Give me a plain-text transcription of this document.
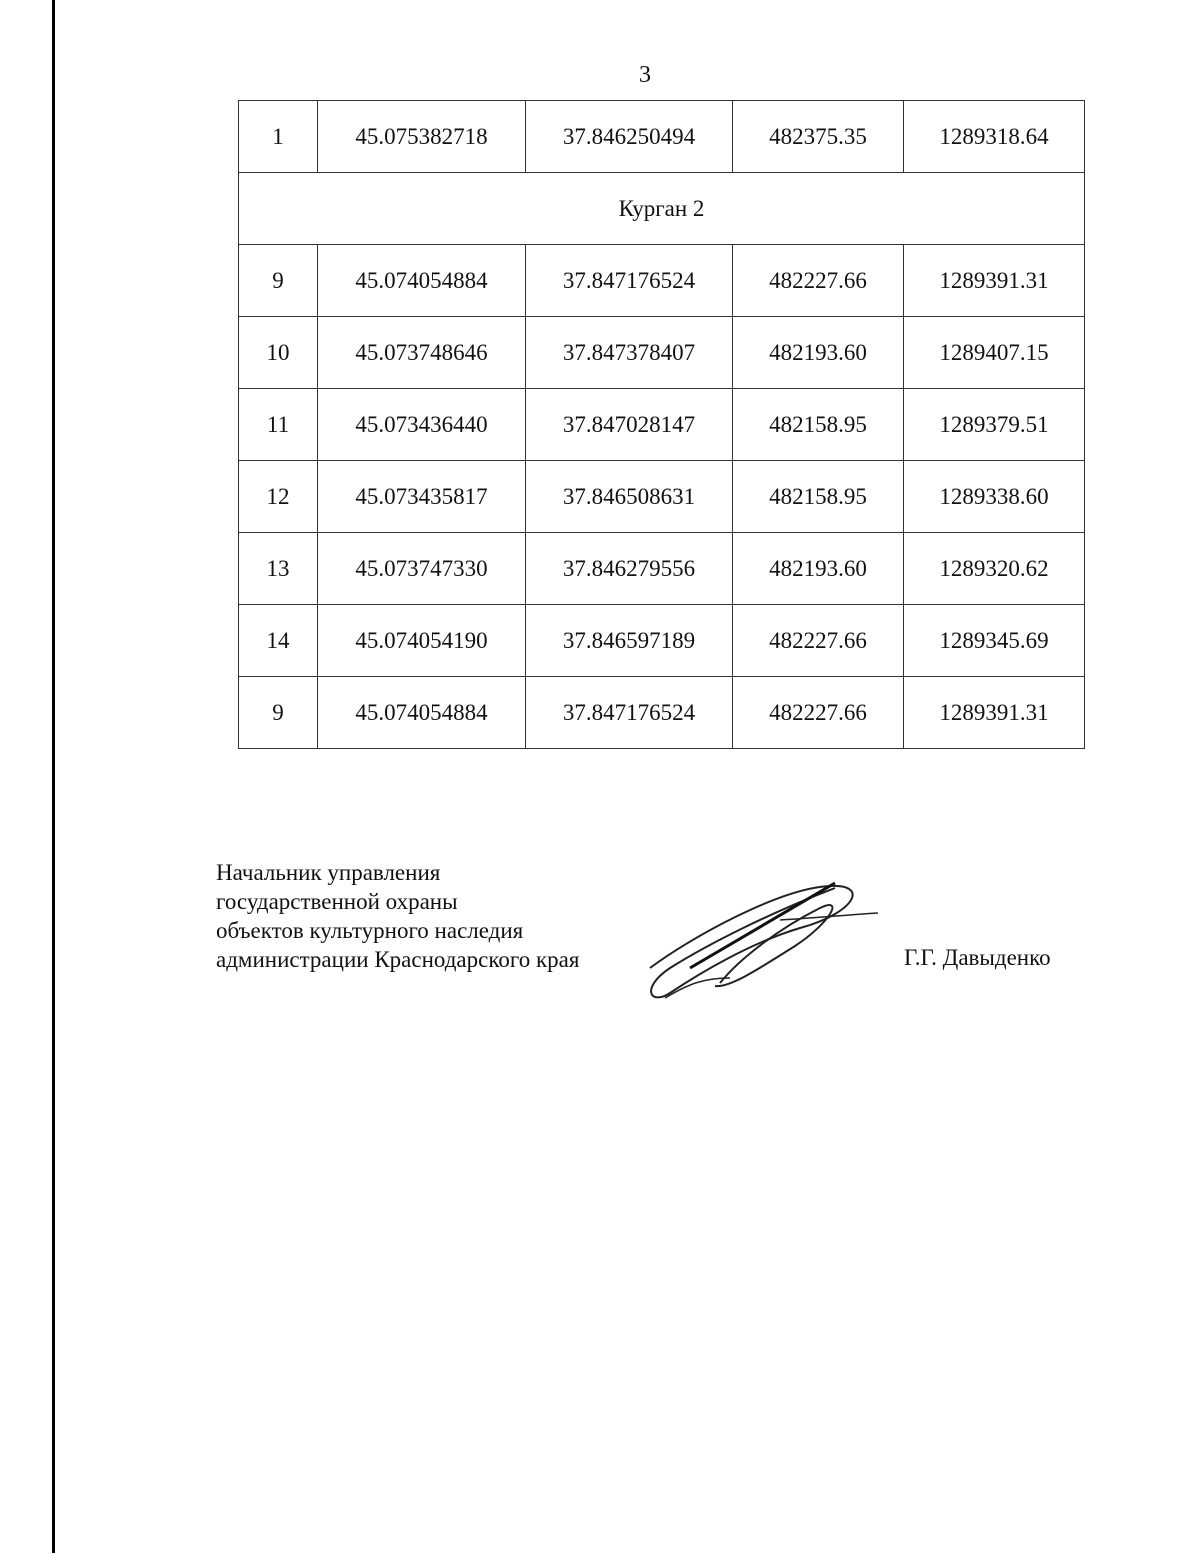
3
1	45.075382718	37.846250494	482375.35	1289318.64
Курган 2				
9	45.074054884	37.847176524	482227.66	1289391.31
10	45.073748646	37.847378407	482193.60	1289407.15
11	45.073436440	37.847028147	482158.95	1289379.51
12	45.073435817	37.846508631	482158.95	1289338.60
13	45.073747330	37.846279556	482193.60	1289320.62
14	45.074054190	37.846597189	482227.66	1289345.69
9	45.074054884	37.847176524	482227.66	1289391.31
Начальник управления
государственной охраны
объектов культурного наследия
администрации Краснодарского края	Г.Г. Давыденко
